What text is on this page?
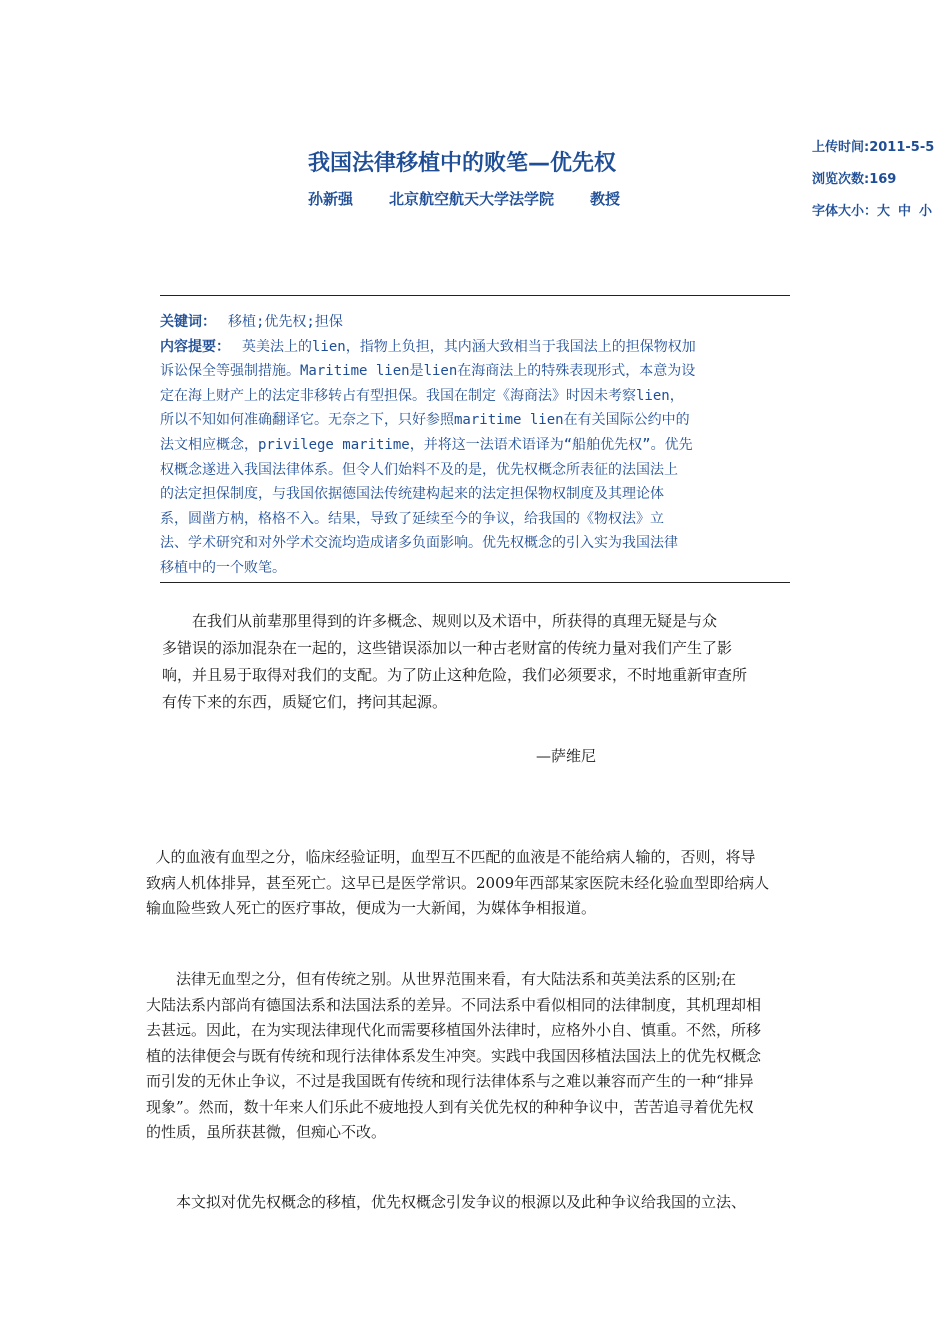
我国法律移植中的败笔—优先权
孙新强 北京航空航天大学法学院 教授
上传时间:2011-5-5
浏览次数:169
字体大小：大 中 小
关键词： 移植;优先权;担保
内容提要： 英美法上的lien，指物上负担，其内涵大致相当于我国法上的担保物权加
诉讼保全等强制措施。Maritime lien是lien在海商法上的特殊表现形式，本意为设
定在海上财产上的法定非移转占有型担保。我国在制定《海商法》时因未考察lien，
所以不知如何准确翻译它。无奈之下，只好参照maritime lien在有关国际公约中的
法文相应概念，privilege maritime，并将这一法语术语译为“船舶优先权”。优先
权概念遂进入我国法律体系。但令人们始料不及的是，优先权概念所表征的法国法上
的法定担保制度，与我国依据德国法传统建构起来的法定担保物权制度及其理论体
系，圆凿方枘，格格不入。结果，导致了延续至今的争议，给我国的《物权法》立
法、学术研究和对外学术交流均造成诸多负面影响。优先权概念的引入实为我国法律
移植中的一个败笔。
　　在我们从前辈那里得到的许多概念、规则以及术语中，所获得的真理无疑是与众
多错误的添加混杂在一起的，这些错误添加以一种古老财富的传统力量对我们产生了影
响，并且易于取得对我们的支配。为了防止这种危险，我们必须要求，不时地重新审查所
有传下来的东西，质疑它们，拷问其起源。
—萨维尼
人的血液有血型之分，临床经验证明，血型互不匹配的血液是不能给病人输的，否则，将导
致病人机体排异，甚至死亡。这早已是医学常识。2009年西部某家医院未经化验血型即给病人
输血险些致人死亡的医疗事故，便成为一大新闻，为媒体争相报道。
　　法律无血型之分，但有传统之别。从世界范围来看，有大陆法系和英美法系的区别;在
大陆法系内部尚有德国法系和法国法系的差异。不同法系中看似相同的法律制度，其机理却相
去甚远。因此，在为实现法律现代化而需要移植国外法律时，应格外小自、慎重。不然，所移
植的法律便会与既有传统和现行法律体系发生冲突。实践中我国因移植法国法上的优先权概念
而引发的无休止争议，不过是我国既有传统和现行法律体系与之难以兼容而产生的一种“排异
现象”。然而，数十年来人们乐此不疲地投人到有关优先权的种种争议中，苦苦追寻着优先权
的性质，虽所获甚微，但痴心不改。
　　本文拟对优先权概念的移植，优先权概念引发争议的根源以及此种争议给我国的立法、
